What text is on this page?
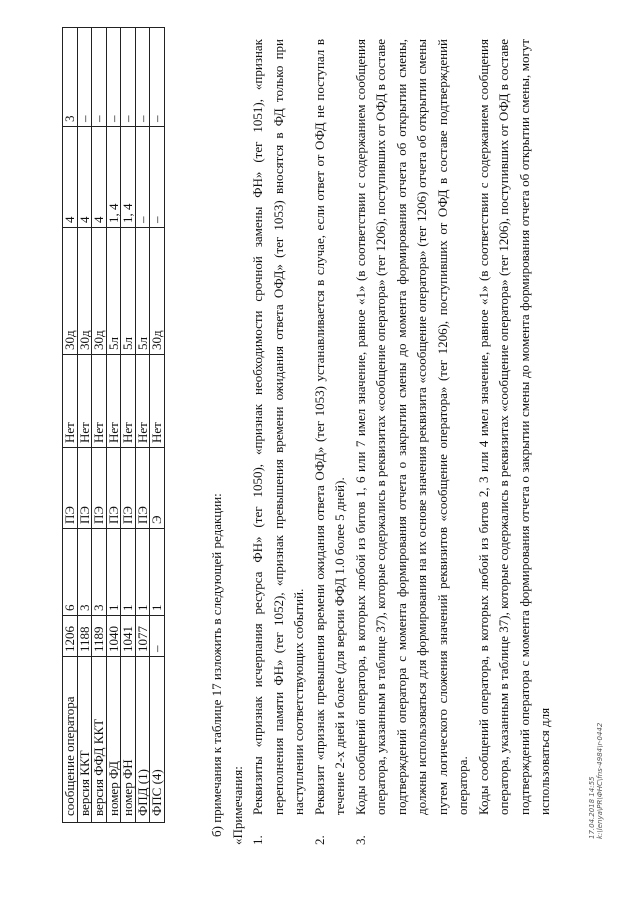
сообщение оператора	1206	6	ПЭ	Нет	30д	4	3
версия ККТ	1188	3	ПЭ	Нет	30д	4	–
версия ФФД ККТ	1189	3	ПЭ	Нет	30д	4	–
номер ФД	1040	1	ПЭ	Нет	5л	1, 4	–
номер ФН	1041	1	ПЭ	Нет	5л	1, 4	–
ФПД (1)	1077	1	ПЭ	Нет	5л	–	–
ФПС (4)	–	1	Э	Нет	30д	–	–

б) примечания к таблице 17 изложить в следующей редакции: «Примечания: 1.
Реквизиты «признак исчерпания ресурса ФН» (тег 1050), «признак необходимости срочной замены ФН» (тег 1051), «признак переполнения памяти ФН» (тег 1052), «признак превышения времени ожидания ответа ОФД» (тег 1053) вносятся в ФД только при наступлении соответствующих событий.
2.
Реквизит «признак превышения времени ожидания ответа ОФД» (тег 1053) устанавливается в случае, если ответ от ОФД не поступал в течение 2-х дней и более (для версии ФФД 1.0 более 5 дней).
3.
Коды сообщений оператора, в которых любой из битов 1, 6 или 7 имел значение, равное «1» (в соответствии с содержанием сообщения оператора, указанным в таблице 37), которые содержались в реквизитах «сообщение оператора» (тег 1206), поступивших от ОФД в составе подтверждений оператора с момента формирования отчета о закрытии смены до момента формирования отчета об открытии смены, должны использоваться для формирования на их основе значения реквизита «сообщение оператора» (тег 1206) отчета об открытии смены путем логического сложения значений реквизитов «сообщение оператора» (тег 1206), поступивших от ОФД в составе подтверждений оператора. Коды сообщений оператора, в которых любой из битов 2, 3 или 4 имел значение, равное «1» (в соответствии с содержанием сообщения оператора, указанным в таблице 37), которые содержались в реквизитах «сообщение оператора» (тег 1206), поступивших от ОФД в составе подтверждений оператора с момента формирования отчета о закрытии смены до момента формирования отчета об открытии смены, могут использоваться для	17.04.2018 14:55 k:\lenya\PR\ФНС\fns-4984\r-0442
